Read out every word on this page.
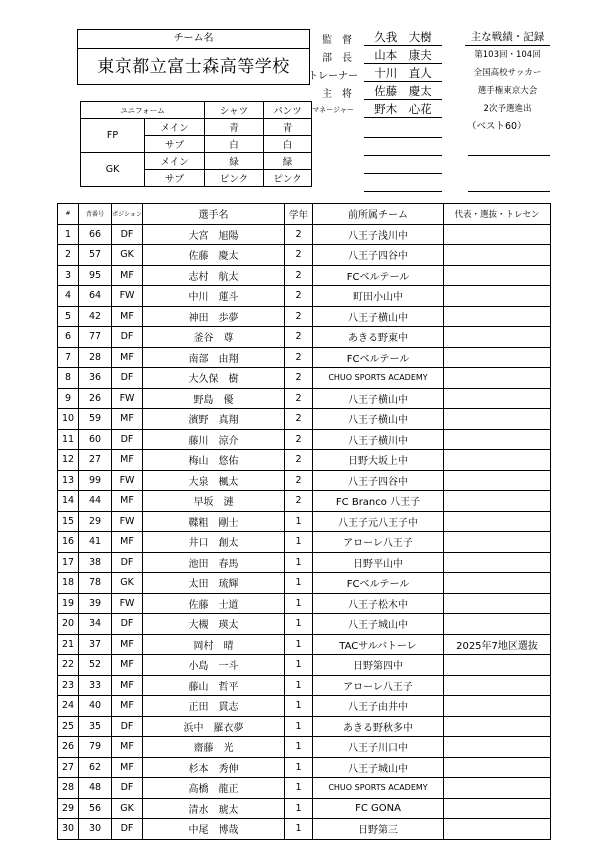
チーム名
東京都立富士森高等学校
ユニフォーム		シャツ	パンツ
FP	メイン	青	青
	サブ	白	白
GK	メイン	緑	緑
	サブ	ピンク	ピンク
監　督	久我　大樹
部　長	山本　康夫
トレーナー	十川　直人
主　将	佐藤　慶太
マネージャー	野木　心花
主な戦績・記録
第103回・104回
全国高校サッカー
選手権東京大会
2次予選進出
（ベスト60）
#	背番号	ポジション	選手名	学年	前所属チーム	代表・選抜・トレセン
1	66	DF	大宮　旭陽	2	八王子浅川中	
2	57	GK	佐藤　慶太	2	八王子四谷中	
3	95	MF	志村　航太	2	FCベルテール	
4	64	FW	中川　蓮斗	2	町田小山中	
5	42	MF	神田　歩夢	2	八王子横山中	
6	77	DF	釜谷　尊	2	あきる野東中	
7	28	MF	南部　由翔	2	FCベルテール	
8	36	DF	大久保　樹	2	CHUO SPORTS ACADEMY	
9	26	FW	野島　優	2	八王子横山中	
10	59	MF	濱野　真翔	2	八王子横山中	
11	60	DF	藤川　涼介	2	八王子横川中	
12	27	MF	梅山　悠佑	2	日野大坂上中	
13	99	FW	大泉　楓太	2	八王子四谷中	
14	44	MF	早坂　漣	2	FC Branco 八王子	
15	29	FW	鞢粗　剛士	1	八王子元八王子中	
16	41	MF	井口　創太	1	アローレ八王子	
17	38	DF	池田　春馬	1	日野平山中	
18	78	GK	太田　琉輝	1	FCベルテール	
19	39	FW	佐藤　士道	1	八王子松木中	
20	34	DF	大槻　瑛太	1	八王子城山中	
21	37	MF	岡村　晴	1	TACサルバトーレ	2025年7地区選抜
22	52	MF	小島　一斗	1	日野第四中	
23	33	MF	藤山　哲平	1	アローレ八王子	
24	40	MF	正田　貫志	1	八王子由井中	
25	35	DF	浜中　羅衣夢	1	あきる野秋多中	
26	79	MF	齋藤　光	1	八王子川口中	
27	62	MF	杉本　秀伸	1	八王子城山中	
28	48	DF	高橋　龍正	1	CHUO SPORTS ACADEMY	
29	56	GK	清水　琥太	1	FC GONA	
30	30	DF	中尾　博哉	1	日野第三	
